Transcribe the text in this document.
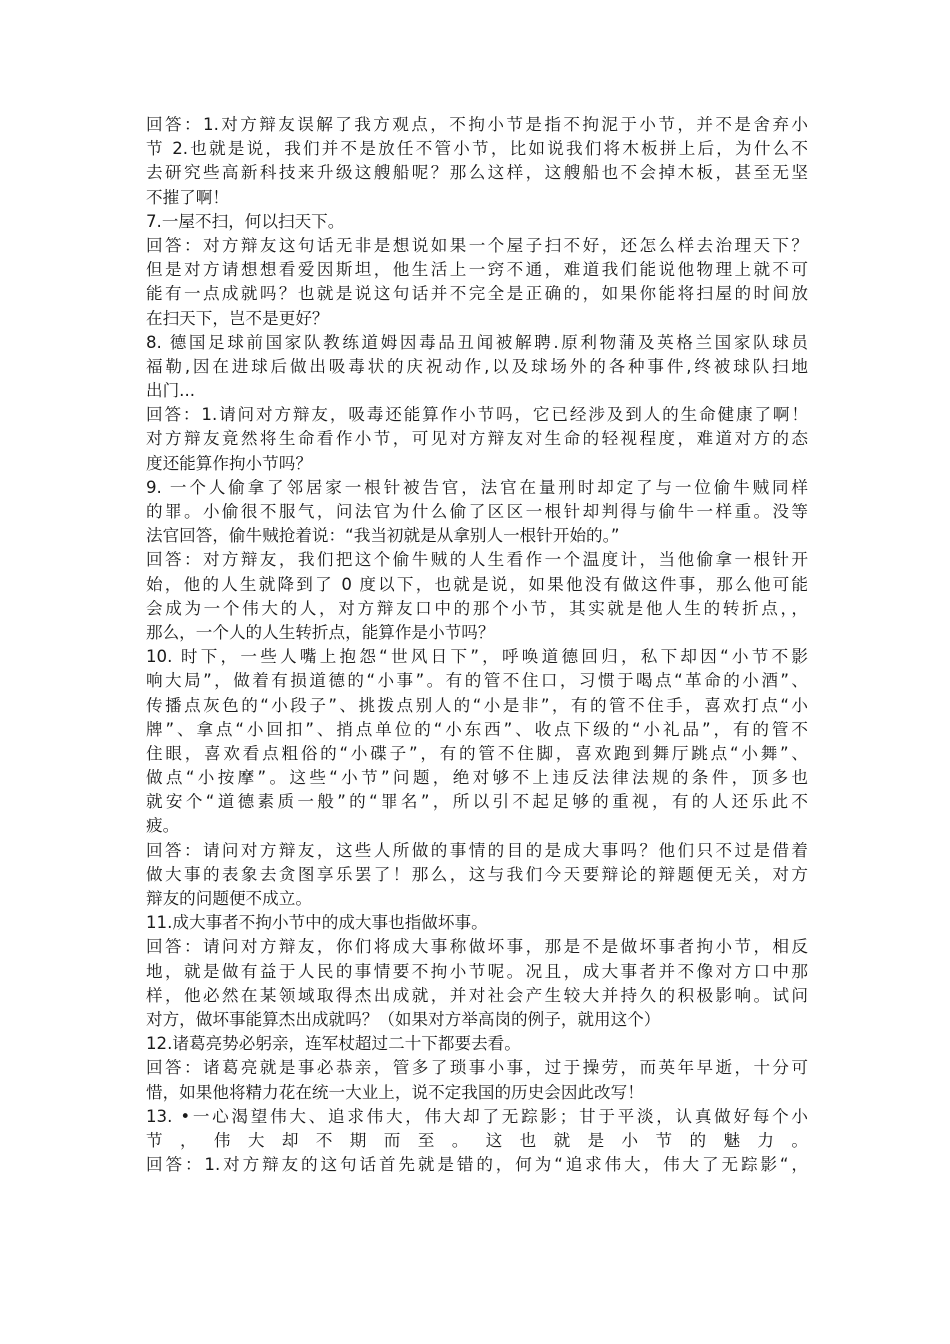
回答：1.对方辩友误解了我方观点，不拘小节是指不拘泥于小节，并不是舍弃小
节 2.也就是说，我们并不是放任不管小节，比如说我们将木板拼上后，为什么不
去研究些高新科技来升级这艘船呢？那么这样，这艘船也不会掉木板，甚至无坚
不摧了啊！
7.一屋不扫，何以扫天下。
回答：对方辩友这句话无非是想说如果一个屋子扫不好，还怎么样去治理天下？
但是对方请想想看爱因斯坦，他生活上一窍不通，难道我们能说他物理上就不可
能有一点成就吗？也就是说这句话并不完全是正确的，如果你能将扫屋的时间放
在扫天下，岂不是更好？
8. 德国足球前国家队教练道姆因毒品丑闻被解聘.原利物蒲及英格兰国家队球员
福勒,因在进球后做出吸毒状的庆祝动作,以及球场外的各种事件,终被球队扫地
出门...
回答：1.请问对方辩友，吸毒还能算作小节吗，它已经涉及到人的生命健康了啊！
对方辩友竟然将生命看作小节，可见对方辩友对生命的轻视程度，难道对方的态
度还能算作拘小节吗？
9. 一个人偷拿了邻居家一根针被告官，法官在量刑时却定了与一位偷牛贼同样
的罪。小偷很不服气，问法官为什么偷了区区一根针却判得与偷牛一样重。没等
法官回答，偷牛贼抢着说：“我当初就是从拿别人一根针开始的。”
回答：对方辩友，我们把这个偷牛贼的人生看作一个温度计，当他偷拿一根针开
始，他的人生就降到了 0 度以下，也就是说，如果他没有做这件事，那么他可能
会成为一个伟大的人，对方辩友口中的那个小节，其实就是他人生的转折点，，
那么，一个人的人生转折点，能算作是小节吗？
10. 时下，一些人嘴上抱怨“世风日下”，呼唤道德回归，私下却因“小节不影
响大局”，做着有损道德的“小事”。有的管不住口，习惯于喝点“革命的小酒”、
传播点灰色的“小段子”、挑拨点别人的“小是非”，有的管不住手，喜欢打点“小
牌”、拿点“小回扣”、捎点单位的“小东西”、收点下级的“小礼品”，有的管不
住眼，喜欢看点粗俗的“小碟子”，有的管不住脚，喜欢跑到舞厅跳点“小舞”、
做点“小按摩”。这些“小节”问题，绝对够不上违反法律法规的条件，顶多也
就安个“道德素质一般”的“罪名”，所以引不起足够的重视，有的人还乐此不
疲。
回答：请问对方辩友，这些人所做的事情的目的是成大事吗？他们只不过是借着
做大事的表象去贪图享乐罢了！那么，这与我们今天要辩论的辩题便无关，对方
辩友的问题便不成立。
11.成大事者不拘小节中的成大事也指做坏事。
回答：请问对方辩友，你们将成大事称做坏事，那是不是做坏事者拘小节，相反
地，就是做有益于人民的事情要不拘小节呢。况且，成大事者并不像对方口中那
样，他必然在某领域取得杰出成就，并对社会产生较大并持久的积极影响。试问
对方，做坏事能算杰出成就吗？（如果对方举高岗的例子，就用这个）
12.诸葛亮势必躬亲，连军杖超过二十下都要去看。
回答：诸葛亮就是事必恭亲，管多了琐事小事，过于操劳，而英年早逝，十分可
惜，如果他将精力花在统一大业上，说不定我国的历史会因此改写！
13. •一心渴望伟大、追求伟大，伟大却了无踪影；甘于平淡，认真做好每个小
节 ， 伟 大 却 不 期 而 至 。 这 也 就 是 小 节 的 魅 力 。
回答：1.对方辩友的这句话首先就是错的，何为“追求伟大，伟大了无踪影“，
